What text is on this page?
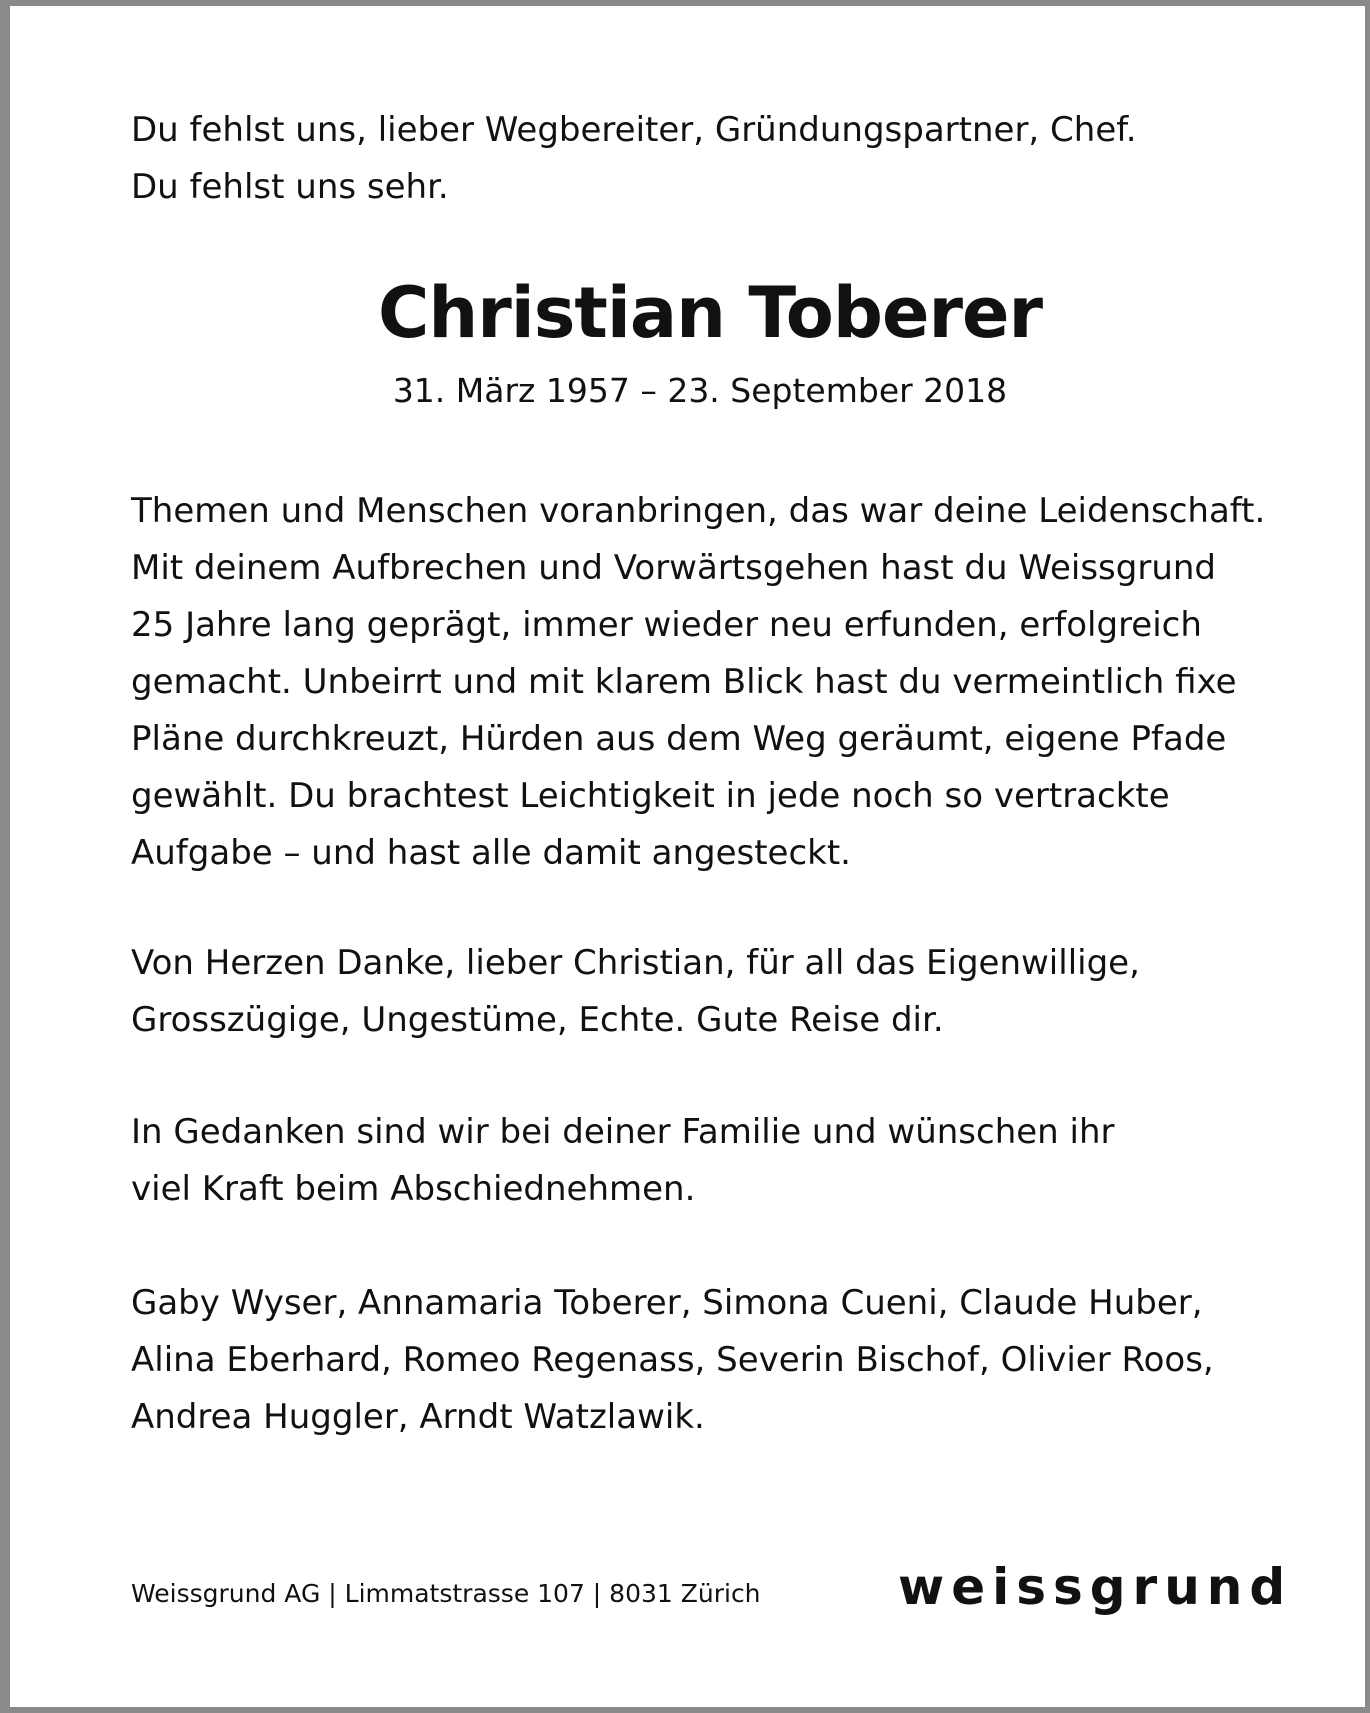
Du fehlst uns, lieber Wegbereiter, Gründungspartner, Chef.
Du fehlst uns sehr.

Christian Toberer
31. März 1957 – 23. September 2018

Themen und Menschen voranbringen, das war deine Leidenschaft.
Mit deinem Aufbrechen und Vorwärtsgehen hast du Weissgrund
25 Jahre lang geprägt, immer wieder neu erfunden, erfolgreich
gemacht. Unbeirrt und mit klarem Blick hast du vermeintlich fixe
Pläne durchkreuzt, Hürden aus dem Weg geräumt, eigene Pfade
gewählt. Du brachtest Leichtigkeit in jede noch so vertrackte
Aufgabe – und hast alle damit angesteckt.

Von Herzen Danke, lieber Christian, für all das Eigenwillige,
Grosszügige, Ungestüme, Echte. Gute Reise dir.

In Gedanken sind wir bei deiner Familie und wünschen ihr
viel Kraft beim Abschiednehmen.

Gaby Wyser, Annamaria Toberer, Simona Cueni, Claude Huber,
Alina Eberhard, Romeo Regenass, Severin Bischof, Olivier Roos,
Andrea Huggler, Arndt Watzlawik.

Weissgrund AG | Limmatstrasse 107 | 8031 Zürich	weissgrund
